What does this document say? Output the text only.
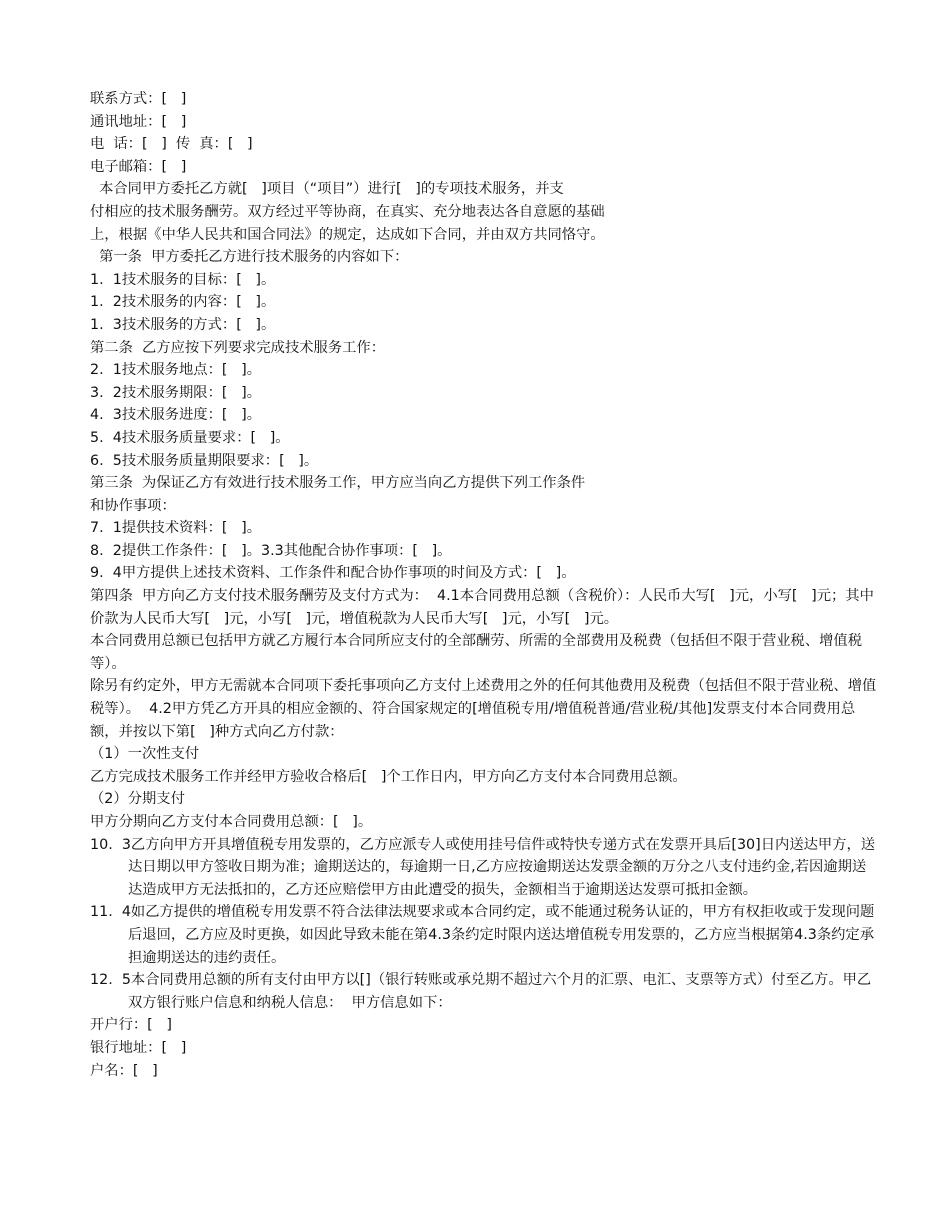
联系方式：[   ]

通讯地址：[   ]

电  话：[   ]  传  真：[   ]

电子邮箱：[   ]

本合同甲方委托乙方就[   ]项目（“项目”）进行[   ]的专项技术服务，并支

付相应的技术服务酬劳。双方经过平等协商，在真实、充分地表达各自意愿的基础

上，根据《中华人民共和国合同法》的规定，达成如下合同，并由双方共同恪守。

第一条  甲方委托乙方进行技术服务的内容如下：

1.  1技术服务的目标：[   ]。

1.  2技术服务的内容：[   ]。

1.  3技术服务的方式：[   ]。

第二条  乙方应按下列要求完成技术服务工作：

2.  1技术服务地点：[   ]。

3.  2技术服务期限：[   ]。

4.  3技术服务进度：[   ]。

5.  4技术服务质量要求：[   ]。

6.  5技术服务质量期限要求：[   ]。

第三条  为保证乙方有效进行技术服务工作，甲方应当向乙方提供下列工作条件

和协作事项：

7.  1提供技术资料：[   ]。

8.  2提供工作条件：[   ]。3.3其他配合协作事项：[   ]。

9.  4甲方提供上述技术资料、工作条件和配合协作事项的时间及方式：[   ]。

第四条  甲方向乙方支付技术服务酬劳及支付方式为：  4.1本合同费用总额（含税价）：人民币大写[   ]元，小写[   ]元；其中价款为人民币大写[   ]元，小写[   ]元，增值税款为人民币大写[   ]元，小写[   ]元。

本合同费用总额已包括甲方就乙方履行本合同所应支付的全部酬劳、所需的全部费用及税费（包括但不限于营业税、增值税等）。

除另有约定外，甲方无需就本合同项下委托事项向乙方支付上述费用之外的任何其他费用及税费（包括但不限于营业税、增值税等）。  4.2甲方凭乙方开具的相应金额的、符合国家规定的[增值税专用/增值税普通/营业税/其他]发票支付本合同费用总额，并按以下第[   ]种方式向乙方付款：

（1）一次性支付

乙方完成技术服务工作并经甲方验收合格后[   ]个工作日内，甲方向乙方支付本合同费用总额。

（2）分期支付

甲方分期向乙方支付本合同费用总额：[   ]。

10.  3乙方向甲方开具增值税专用发票的，乙方应派专人或使用挂号信件或特快专递方式在发票开具后[30]日内送达甲方，送达日期以甲方签收日期为准；逾期送达的，每逾期一日,乙方应按逾期送达发票金额的万分之八支付违约金,若因逾期送达造成甲方无法抵扣的，乙方还应赔偿甲方由此遭受的损失，金额相当于逾期送达发票可抵扣金额。

11.  4如乙方提供的增值税专用发票不符合法律法规要求或本合同约定，或不能通过税务认证的，甲方有权拒收或于发现问题后退回，乙方应及时更换，如因此导致未能在第4.3条约定时限内送达增值税专用发票的，乙方应当根据第4.3条约定承担逾期送达的违约责任。

12.  5本合同费用总额的所有支付由甲方以[]（银行转账或承兑期不超过六个月的汇票、电汇、支票等方式）付至乙方。甲乙双方银行账户信息和纳税人信息：  甲方信息如下：

开户行：[   ]

银行地址：[   ]

户名：[   ]
